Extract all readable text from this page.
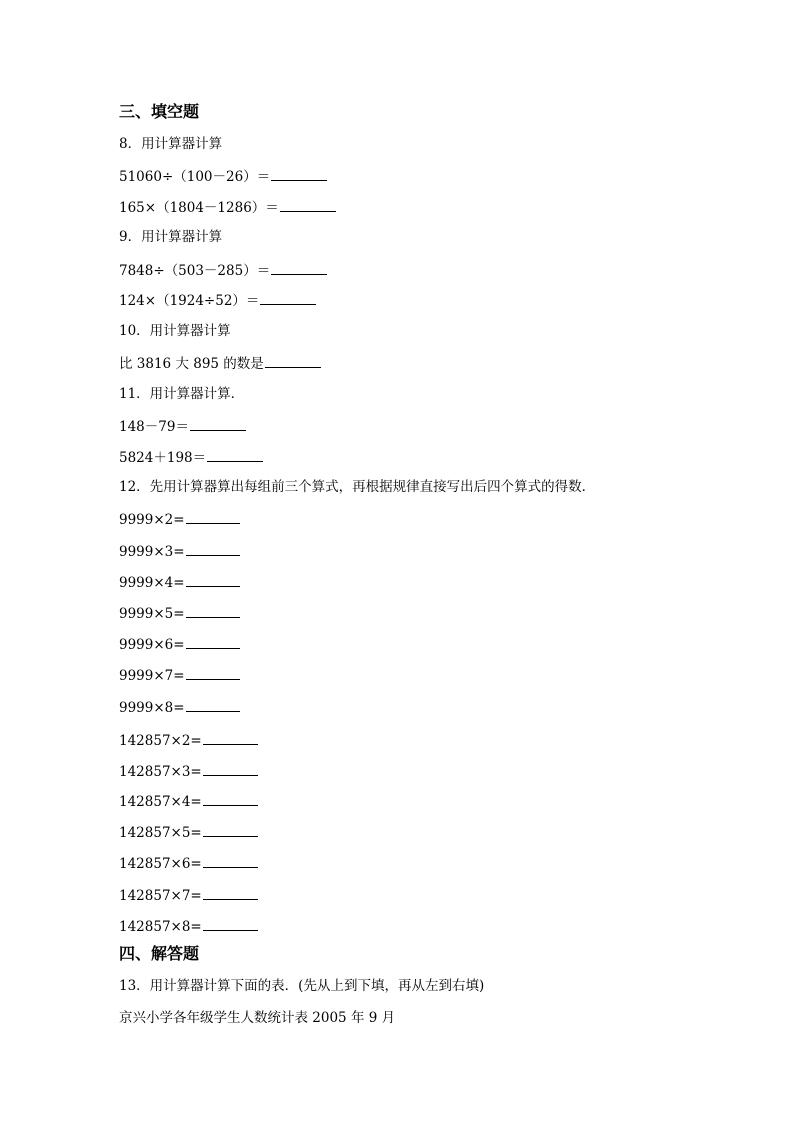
三、填空题
8．用计算器计算
51060÷（100－26）＝
165×（1804－1286）＝
9．用计算器计算
7848÷（503－285）＝
124×（1924÷52）＝
10．用计算器计算
比 3816 大 895 的数是
11．用计算器计算．
148－79＝
5824＋198＝
12．先用计算器算出每组前三个算式，再根据规律直接写出后四个算式的得数．
9999×2=
9999×3=
9999×4=
9999×5=
9999×6=
9999×7=
9999×8=
142857×2=
142857×3=
142857×4=
142857×5=
142857×6=
142857×7=
142857×8=
四、解答题
13．用计算器计算下面的表．(先从上到下填，再从左到右填)
京兴小学各年级学生人数统计表 2005 年 9 月
